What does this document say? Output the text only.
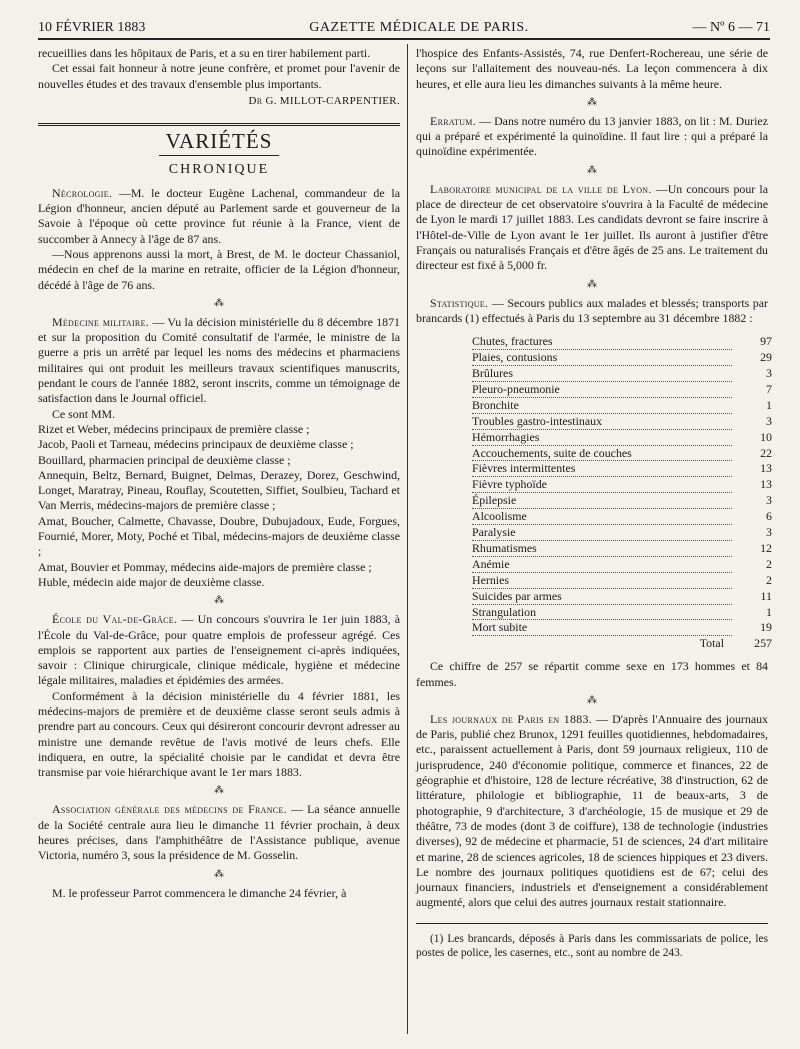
10 FÉVRIER 1883	GAZETTE MÉDICALE DE PARIS.	— Nº 6 — 71

recueillies dans les hôpitaux de Paris, et a su en tirer habilement parti.

Cet essai fait honneur à notre jeune confrère, et promet pour l'avenir de nouvelles études et des travaux d'ensemble plus importants.

Dr G. MILLOT-CARPENTIER.

VARIÉTÉS
CHRONIQUE

Nécrologie. —M. le docteur Eugène Lachenal, commandeur de la Légion d'honneur, ancien député au Parlement sarde et gouverneur de la Savoie à l'époque où cette province fut réunie à la France, vient de succomber à Annecy à l'âge de 87 ans.

—Nous apprenons aussi la mort, à Brest, de M. le docteur Chassaniol, médecin en chef de la marine en retraite, officier de la Légion d'honneur, décédé à l'âge de 76 ans.

⁂

Médecine militaire. — Vu la décision ministérielle du 8 décembre 1871 et sur la proposition du Comité consultatif de l'armée, le ministre de la guerre a pris un arrêté par lequel les noms des médecins et pharmaciens militaires qui ont produit les meilleurs travaux scientifiques manuscrits, pendant le cours de l'année 1882, seront inscrits, comme un témoignage de satisfaction dans le Journal officiel.

Ce sont MM.

Rizet et Weber, médecins principaux de première classe ;

Jacob, Paoli et Tarneau, médecins principaux de deuxième classe ;

Bouillard, pharmacien principal de deuxième classe ;

Annequin, Beltz, Bernard, Buignet, Delmas, Derazey, Dorez, Geschwind, Longet, Maratray, Pineau, Rouflay, Scoutetten, Siffiet, Soulbieu, Tachard et Van Merris, médecins-majors de première classe ;

Amat, Boucher, Calmette, Chavasse, Doubre, Dubujadoux, Eude, Forgues, Fournié, Morer, Moty, Poché et Tibal, médecins-majors de deuxième classe ;

Amat, Bouvier et Pommay, médecins aide-majors de première classe ;

Huble, médecin aide major de deuxième classe.

⁂

École du Val-de-Grâce. — Un concours s'ouvrira le 1er juin 1883, à l'École du Val-de-Grâce, pour quatre emplois de professeur agrégé. Ces emplois se rapportent aux parties de l'enseignement ci-après indiquées, savoir : Clinique chirurgicale, clinique médicale, hygiène et médecine légale militaires, maladies et épidémies des armées.

Conformément à la décision ministérielle du 4 février 1881, les médecins-majors de première et de deuxième classe seront seuls admis à prendre part au concours. Ceux qui désireront concourir devront adresser au ministre une demande revêtue de l'avis motivé de leurs chefs. Elle indiquera, en outre, la spécialité choisie par le candidat et devra être transmise par voie hiérarchique avant le 1er mars 1883.

⁂

Association générale des médecins de France. — La séance annuelle de la Société centrale aura lieu le dimanche 11 février prochain, à deux heures précises, dans l'amphithéâtre de l'Assistance publique, avenue Victoria, numéro 3, sous la présidence de M. Gosselin.

⁂

M. le professeur Parrot commencera le dimanche 24 février, à

l'hospice des Enfants-Assistés, 74, rue Denfert-Rochereau, une série de leçons sur l'allaitement des nouveau-nés. La leçon commencera à dix heures, et elle aura lieu les dimanches suivants à la même heure.

⁂

Erratum. — Dans notre numéro du 13 janvier 1883, on lit : M. Duriez qui a préparé et expérimenté la quinoïdine. Il faut lire : qui a préparé la quinoïdine expérimentée.

⁂

Laboratoire municipal de la ville de Lyon. —Un concours pour la place de directeur de cet observatoire s'ouvrira à la Faculté de médecine de Lyon le mardi 17 juillet 1883. Les candidats devront se faire inscrire à l'Hôtel-de-Ville de Lyon avant le 1er juillet. Ils auront à justifier d'être Français ou naturalisés Français et d'être âgés de 25 ans. Le traitement du directeur est fixé à 5,000 fr.

⁂

Statistique. — Secours publics aux malades et blessés; transports par brancards (1) effectués à Paris du 13 septembre au 31 décembre 1882 :

Chutes, fractures	97
Plaies, contusions	29
Brûlures	3
Pleuro-pneumonie	7
Bronchite	1
Troubles gastro-intestinaux	3
Hémorrhagies	10
Accouchements, suite de couches	22
Fièvres intermittentes	13
Fièvre typhoïde	13
Épilepsie	3
Alcoolisme	6
Paralysie	3
Rhumatismes	12
Anémie	2
Hernies	2
Suicides par armes	11
Strangulation	1
Mort subite	19
Total	257

Ce chiffre de 257 se répartit comme sexe en 173 hommes et 84 femmes.

⁂

Les journaux de Paris en 1883. — D'après l'Annuaire des journaux de Paris, publié chez Brunox, 1291 feuilles quotidiennes, hebdomadaires, etc., paraissent actuellement à Paris, dont 59 journaux religieux, 110 de jurisprudence, 240 d'économie politique, commerce et finances, 22 de géographie et d'histoire, 128 de lecture récréative, 38 d'instruction, 62 de littérature, philologie et bibliographie, 11 de beaux-arts, 3 de photographie, 9 d'architecture, 3 d'archéologie, 15 de musique et 29 de théâtre, 73 de modes (dont 3 de coiffure), 138 de technologie (industries diverses), 92 de médecine et pharmacie, 51 de sciences, 24 d'art militaire et marine, 28 de sciences agricoles, 18 de sciences hippiques et 23 divers. Le nombre des journaux politiques quotidiens est de 67; celui des journaux financiers, industriels et d'enseignement a considérablement augmenté, alors que celui des autres journaux restait stationnaire.

(1) Les brancards, déposés à Paris dans les commissariats de police, les postes de police, les casernes, etc., sont au nombre de 243.
